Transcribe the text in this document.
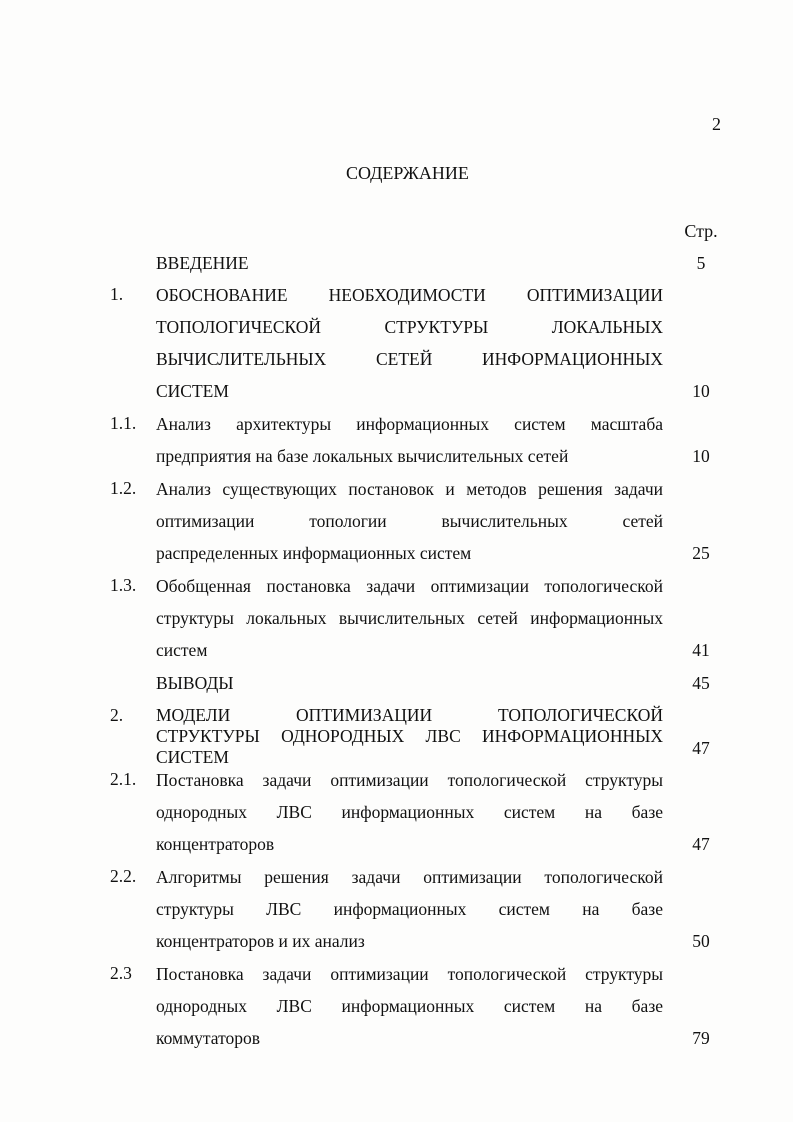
2
СОДЕРЖАНИЕ
Стр.
ВВЕДЕНИЕ	5
1.	ОБОСНОВАНИЕ НЕОБХОДИМОСТИ ОПТИМИЗАЦИИ
ТОПОЛОГИЧЕСКОЙ СТРУКТУРЫ ЛОКАЛЬНЫХ
ВЫЧИСЛИТЕЛЬНЫХ СЕТЕЙ ИНФОРМАЦИОННЫХ
СИСТЕМ	10
1.1.	Анализ архитектуры информационных систем масштаба
предприятия на базе локальных вычислительных сетей	10
1.2.	Анализ существующих постановок и методов решения задачи
оптимизации топологии вычислительных сетей
распределенных информационных систем	25
1.3.	Обобщенная постановка задачи оптимизации топологической
структуры локальных вычислительных сетей информационных
систем	41
ВЫВОДЫ	45
2.	МОДЕЛИ ОПТИМИЗАЦИИ ТОПОЛОГИЧЕСКОЙ
СТРУКТУРЫ ОДНОРОДНЫХ ЛВС ИНФОРМАЦИОННЫХ
СИСТЕМ	47
2.1.	Постановка задачи оптимизации топологической структуры
однородных ЛВС информационных систем на базе
концентраторов	47
2.2.	Алгоритмы решения задачи оптимизации топологической
структуры ЛВС информационных систем на базе
концентраторов и их анализ	50
2.3	Постановка задачи оптимизации топологической структуры
однородных ЛВС информационных систем на базе
коммутаторов	79
